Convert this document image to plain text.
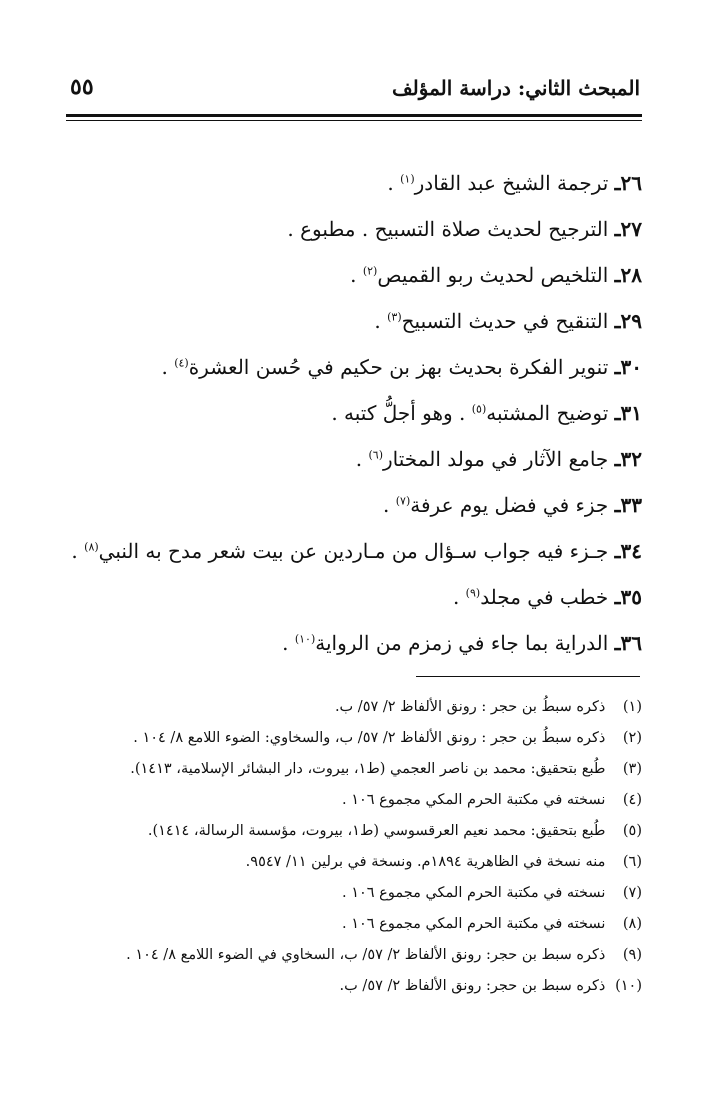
المبحث الثاني: دراسة المؤلف
٥٥
٢٦ـ ترجمة الشيخ عبد القادر$^{(١)}$ .
٢٧ـ الترجيح لحديث صلاة التسبيح . مطبوع .
٢٨ـ التلخيص لحديث ربو القميص$^{(٢)}$ .
٢٩ـ التنقيح في حديث التسبيح$^{(٣)}$ .
٣٠ـ تنوير الفكرة بحديث بهز بن حكيم في حُسن العشرة$^{(٤)}$ .
٣١ـ توضيح المشتبه$^{(٥)}$ . وهو أجلُّ كتبه .
٣٢ـ جامع الآثار في مولد المختار$^{(٦)}$ .
٣٣ـ جزء في فضل يوم عرفة$^{(٧)}$ .
٣٤ـ جـزء فيه جواب سـؤال من مـاردين عن بيت شعر مدح به النبي$^{(٨)}$ .
٣٥ـ خطب في مجلد$^{(٩)}$ .
٣٦ـ الدراية بما جاء في زمزم من الرواية$^{(١٠)}$ .
(١) ذكره سبطُ بن حجر : رونق الألفاظ ٢/ ٥٧/ ب.
(٢) ذكره سبطُ بن حجر : رونق الألفاظ ٢/ ٥٧/ ب، والسخاوي: الضوء اللامع ٨/ ١٠٤ .
(٣) طُبع بتحقيق: محمد بن ناصر العجمي (ط١، بيروت، دار البشائر الإسلامية، ١٤١٣).
(٤) نسخته في مكتبة الحرم المكي مجموع ١٠٦ .
(٥) طُبع بتحقيق: محمد نعيم العرقسوسي (ط١، بيروت، مؤسسة الرسالة، ١٤١٤).
(٦) منه نسخة في الظاهرية ١٨٩٤م. ونسخة في برلين ١١/ ٩٥٤٧.
(٧) نسخته في مكتبة الحرم المكي مجموع ١٠٦ .
(٨) نسخته في مكتبة الحرم المكي مجموع ١٠٦ .
(٩) ذكره سبط بن حجر: رونق الألفاظ ٢/ ٥٧/ ب، السخاوي في الضوء اللامع ٨/ ١٠٤ .
(١٠) ذكره سبط بن حجر: رونق الألفاظ ٢/ ٥٧/ ب.
